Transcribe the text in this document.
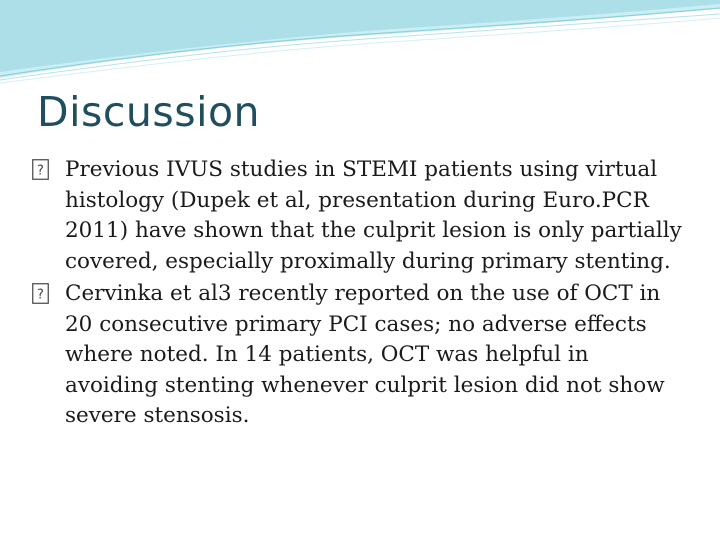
Discussion
? Previous IVUS studies in STEMI patients using virtual histology (Dupek et al, presentation during Euro.PCR 2011) have shown that the culprit lesion is only partially covered, especially proximally during primary stenting.
? Cervinka et al3 recently reported on the use of OCT in 20 consecutive primary PCI cases; no adverse effects where noted. In 14 patients, OCT was helpful in avoiding stenting whenever culprit lesion did not show severe stensosis.
